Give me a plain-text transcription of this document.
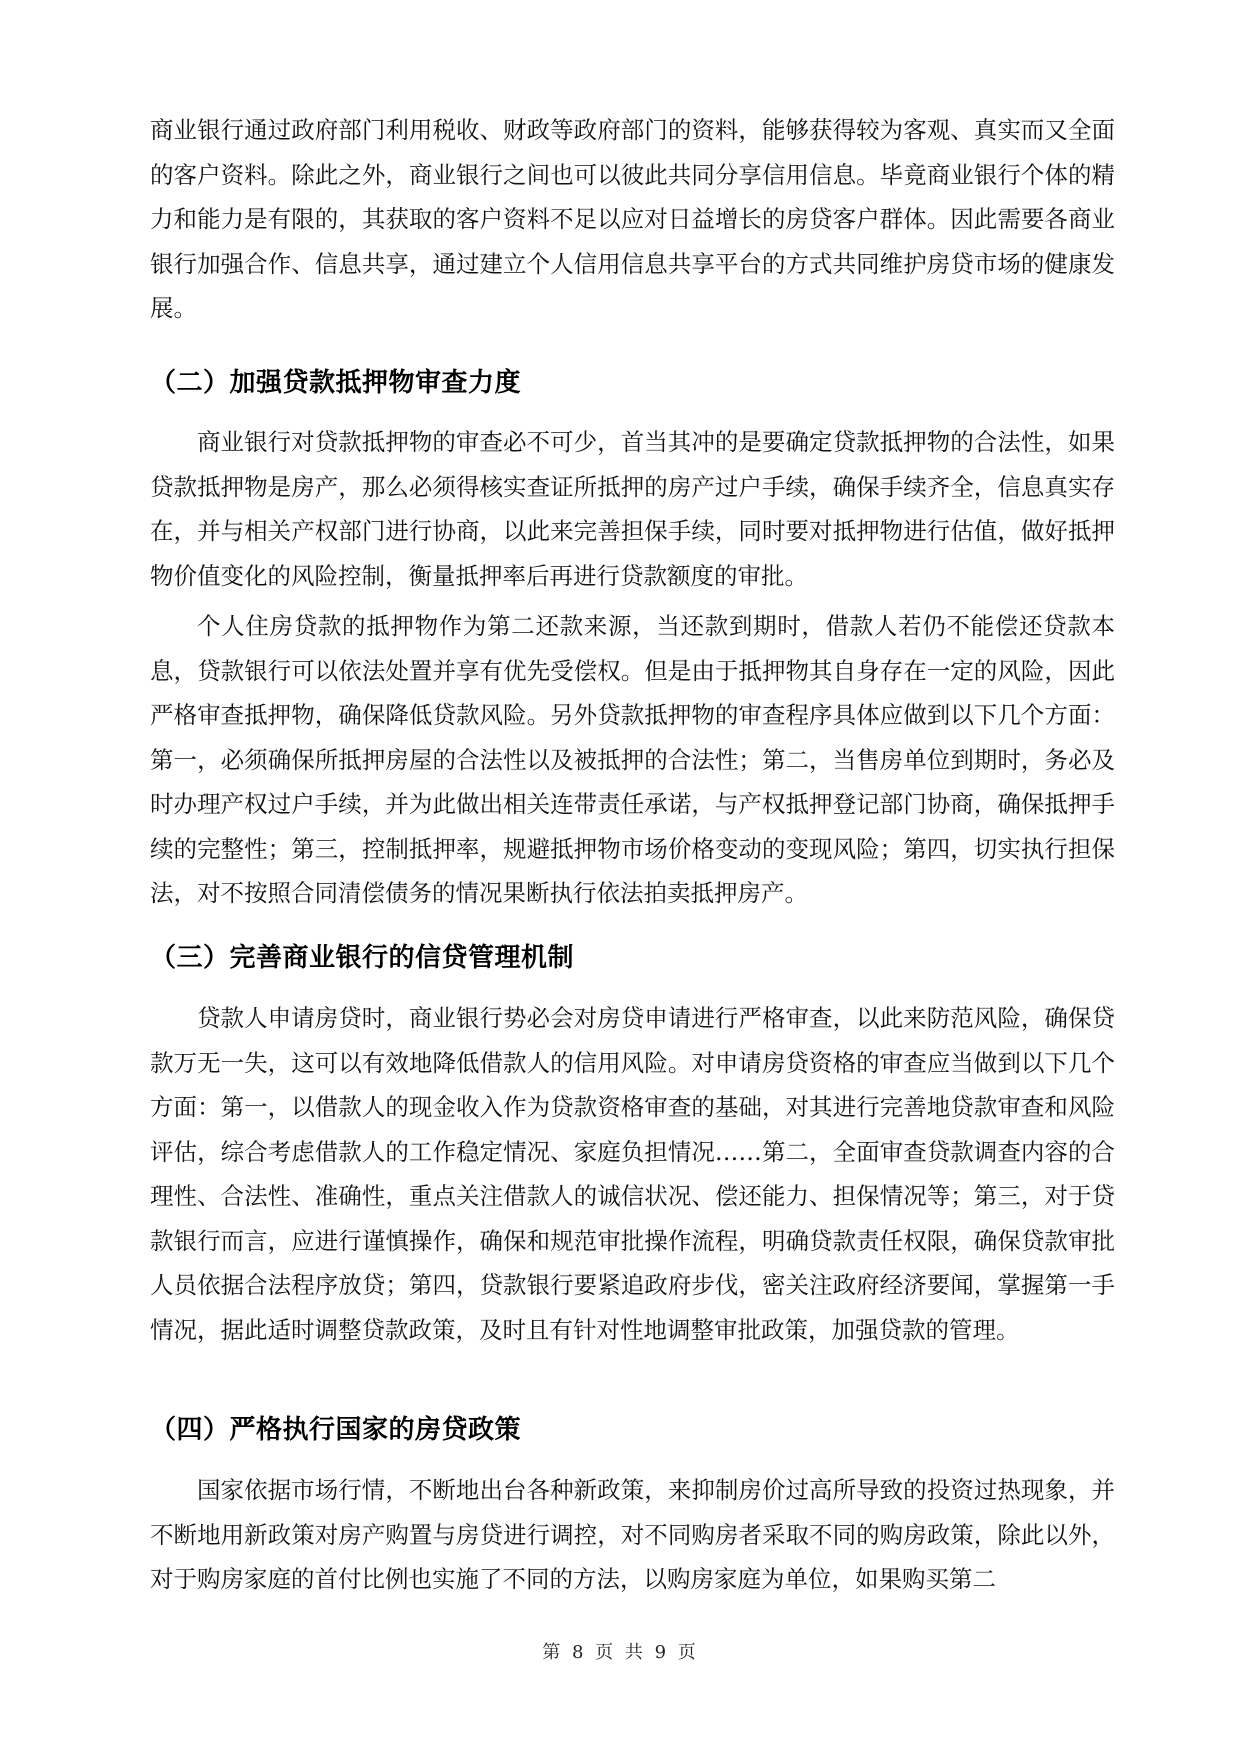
商业银行通过政府部门利用税收、财政等政府部门的资料，能够获得较为客观、真实而又全面的客户资料。除此之外，商业银行之间也可以彼此共同分享信用信息。毕竟商业银行个体的精力和能力是有限的，其获取的客户资料不足以应对日益增长的房贷客户群体。因此需要各商业银行加强合作、信息共享，通过建立个人信用信息共享平台的方式共同维护房贷市场的健康发展。

（二）加强贷款抵押物审查力度

商业银行对贷款抵押物的审查必不可少，首当其冲的是要确定贷款抵押物的合法性，如果贷款抵押物是房产，那么必须得核实查证所抵押的房产过户手续，确保手续齐全，信息真实存在，并与相关产权部门进行协商，以此来完善担保手续，同时要对抵押物进行估值，做好抵押物价值变化的风险控制，衡量抵押率后再进行贷款额度的审批。

个人住房贷款的抵押物作为第二还款来源，当还款到期时，借款人若仍不能偿还贷款本息，贷款银行可以依法处置并享有优先受偿权。但是由于抵押物其自身存在一定的风险，因此严格审查抵押物，确保降低贷款风险。另外贷款抵押物的审查程序具体应做到以下几个方面：第一，必须确保所抵押房屋的合法性以及被抵押的合法性；第二，当售房单位到期时，务必及时办理产权过户手续，并为此做出相关连带责任承诺，与产权抵押登记部门协商，确保抵押手续的完整性；第三，控制抵押率，规避抵押物市场价格变动的变现风险；第四，切实执行担保法，对不按照合同清偿债务的情况果断执行依法拍卖抵押房产。

（三）完善商业银行的信贷管理机制

贷款人申请房贷时，商业银行势必会对房贷申请进行严格审查，以此来防范风险，确保贷款万无一失，这可以有效地降低借款人的信用风险。对申请房贷资格的审查应当做到以下几个方面：第一，以借款人的现金收入作为贷款资格审查的基础，对其进行完善地贷款审查和风险评估，综合考虑借款人的工作稳定情况、家庭负担情况……第二，全面审查贷款调查内容的合理性、合法性、准确性，重点关注借款人的诚信状况、偿还能力、担保情况等；第三，对于贷款银行而言，应进行谨慎操作，确保和规范审批操作流程，明确贷款责任权限，确保贷款审批人员依据合法程序放贷；第四，贷款银行要紧追政府步伐，密关注政府经济要闻，掌握第一手情况，据此适时调整贷款政策，及时且有针对性地调整审批政策，加强贷款的管理。

（四）严格执行国家的房贷政策

国家依据市场行情，不断地出台各种新政策，来抑制房价过高所导致的投资过热现象，并不断地用新政策对房产购置与房贷进行调控，对不同购房者采取不同的购房政策，除此以外，对于购房家庭的首付比例也实施了不同的方法，以购房家庭为单位，如果购买第二

第 8 页 共 9 页
